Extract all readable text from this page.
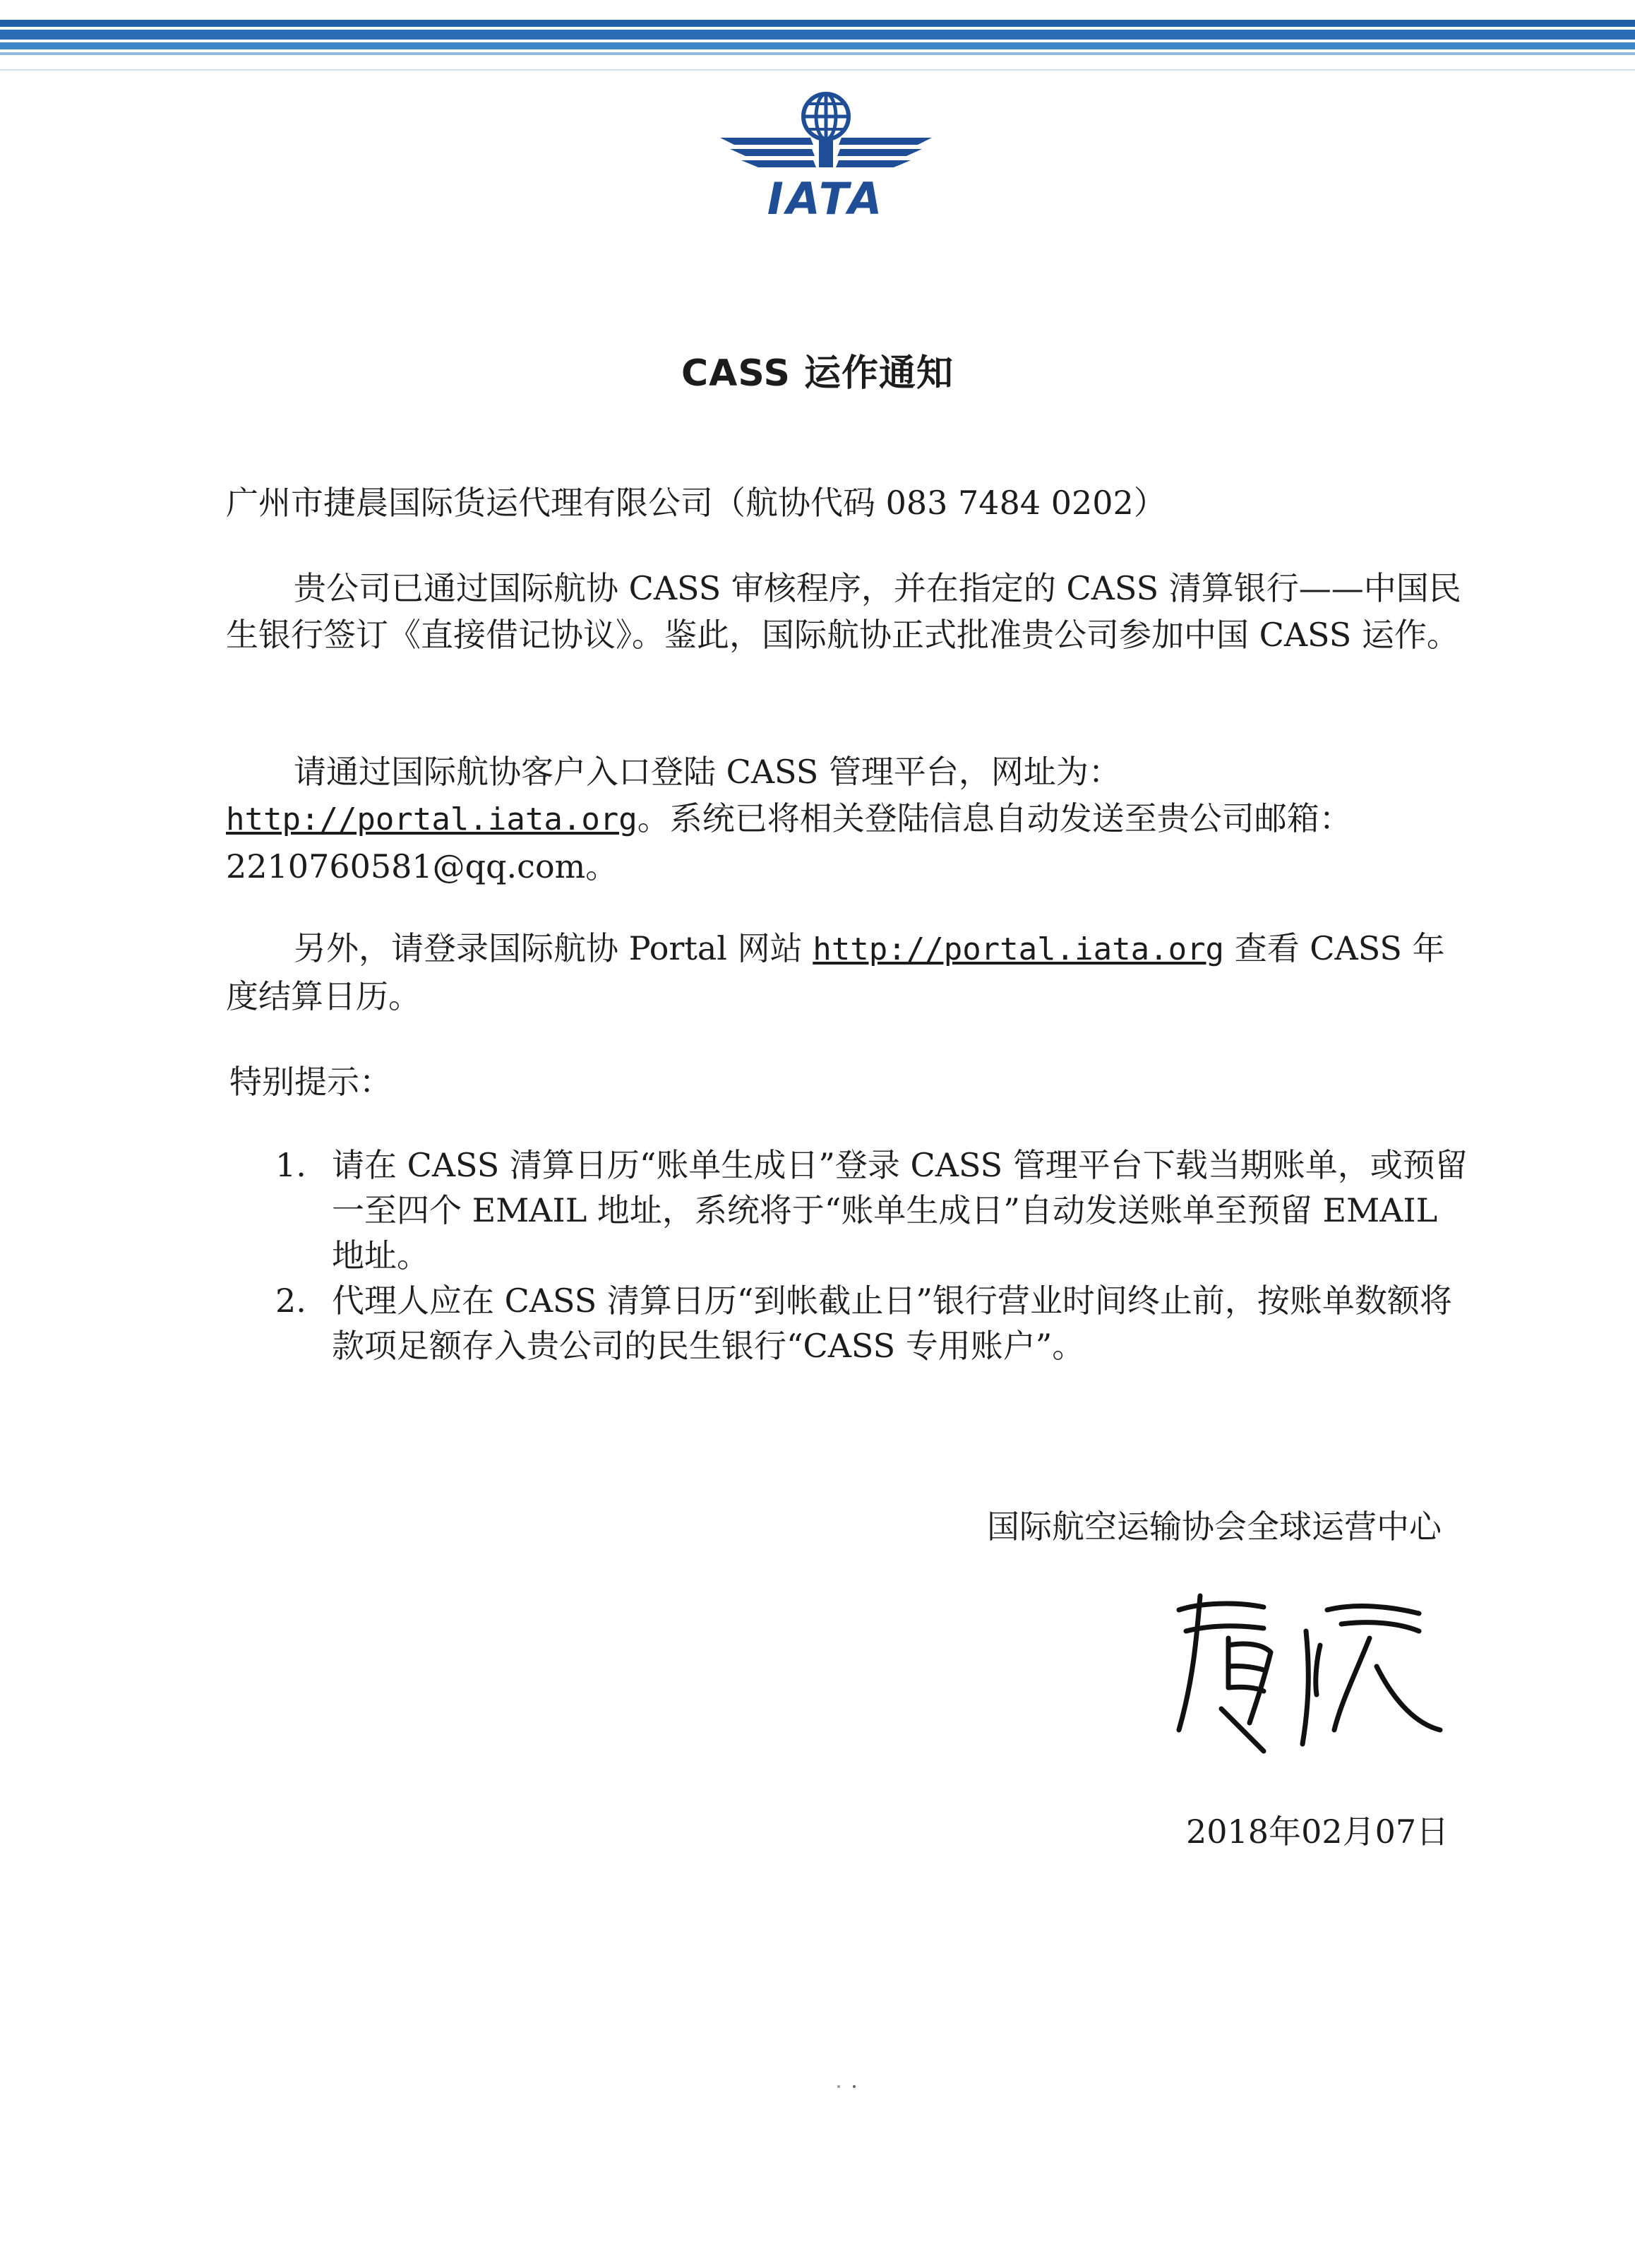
IATA
CASS 运作通知
广州市捷晨国际货运代理有限公司（航协代码 083 7484 0202）
贵公司已通过国际航协 CASS 审核程序，并在指定的 CASS 清算银行——中国民生银行签订《直接借记协议》。鉴此，国际航协正式批准贵公司参加中国 CASS 运作。
请通过国际航协客户入口登陆 CASS 管理平台，网址为：
http://portal.iata.org。系统已将相关登陆信息自动发送至贵公司邮箱：2210760581@qq.com。
另外，请登录国际航协 Portal 网站 http://portal.iata.org 查看 CASS 年度结算日历。
特别提示：
1. 请在 CASS 清算日历“账单生成日”登录 CASS 管理平台下载当期账单，或预留一至四个 EMAIL 地址，系统将于“账单生成日”自动发送账单至预留 EMAIL 地址。
2. 代理人应在 CASS 清算日历“到帐截止日”银行营业时间终止前，按账单数额将款项足额存入贵公司的民生银行“CASS 专用账户”。
国际航空运输协会全球运营中心
2018年02月07日
